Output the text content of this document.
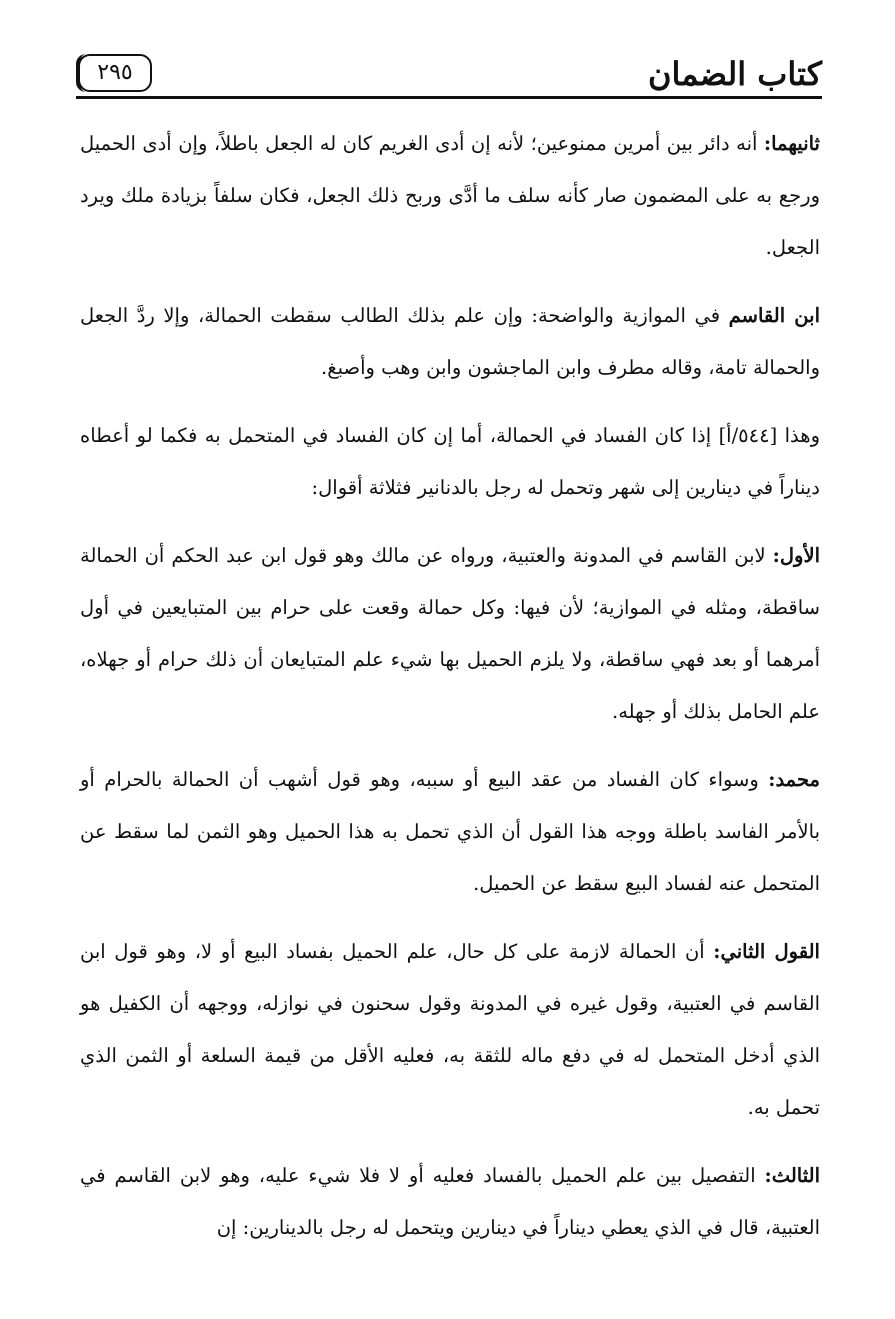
كتاب الضمان
٢٩٥

ثانيهما: أنه دائر بين أمرين ممنوعين؛ لأنه إن أدى الغريم كان له الجعل باطلاً، وإن أدى الحميل ورجع به على المضمون صار كأنه سلف ما أدَّى وربح ذلك الجعل، فكان سلفاً بزيادة ملك ويرد الجعل.

ابن القاسم في الموازية والواضحة: وإن علم بذلك الطالب سقطت الحمالة، وإلا ردَّ الجعل والحمالة تامة، وقاله مطرف وابن الماجشون وابن وهب وأصبغ.

وهذا [٥٤٤/أ] إذا كان الفساد في الحمالة، أما إن كان الفساد في المتحمل به فكما لو أعطاه ديناراً في دينارين إلى شهر وتحمل له رجل بالدنانير فثلاثة أقوال:

الأول: لابن القاسم في المدونة والعتبية، ورواه عن مالك وهو قول ابن عبد الحكم أن الحمالة ساقطة، ومثله في الموازية؛ لأن فيها: وكل حمالة وقعت على حرام بين المتبايعين في أول أمرهما أو بعد فهي ساقطة، ولا يلزم الحميل بها شيء علم المتبايعان أن ذلك حرام أو جهلاه، علم الحامل بذلك أو جهله.

محمد: وسواء كان الفساد من عقد البيع أو سببه، وهو قول أشهب أن الحمالة بالحرام أو بالأمر الفاسد باطلة ووجه هذا القول أن الذي تحمل به هذا الحميل وهو الثمن لما سقط عن المتحمل عنه لفساد البيع سقط عن الحميل.

القول الثاني: أن الحمالة لازمة على كل حال، علم الحميل بفساد البيع أو لا، وهو قول ابن القاسم في العتبية، وقول غيره في المدونة وقول سحنون في نوازله، ووجهه أن الكفيل هو الذي أدخل المتحمل له في دفع ماله للثقة به، فعليه الأقل من قيمة السلعة أو الثمن الذي تحمل به.

الثالث: التفصيل بين علم الحميل بالفساد فعليه أو لا فلا شيء عليه، وهو لابن القاسم في العتبية، قال في الذي يعطي ديناراً في دينارين ويتحمل له رجل بالدينارين: إن
